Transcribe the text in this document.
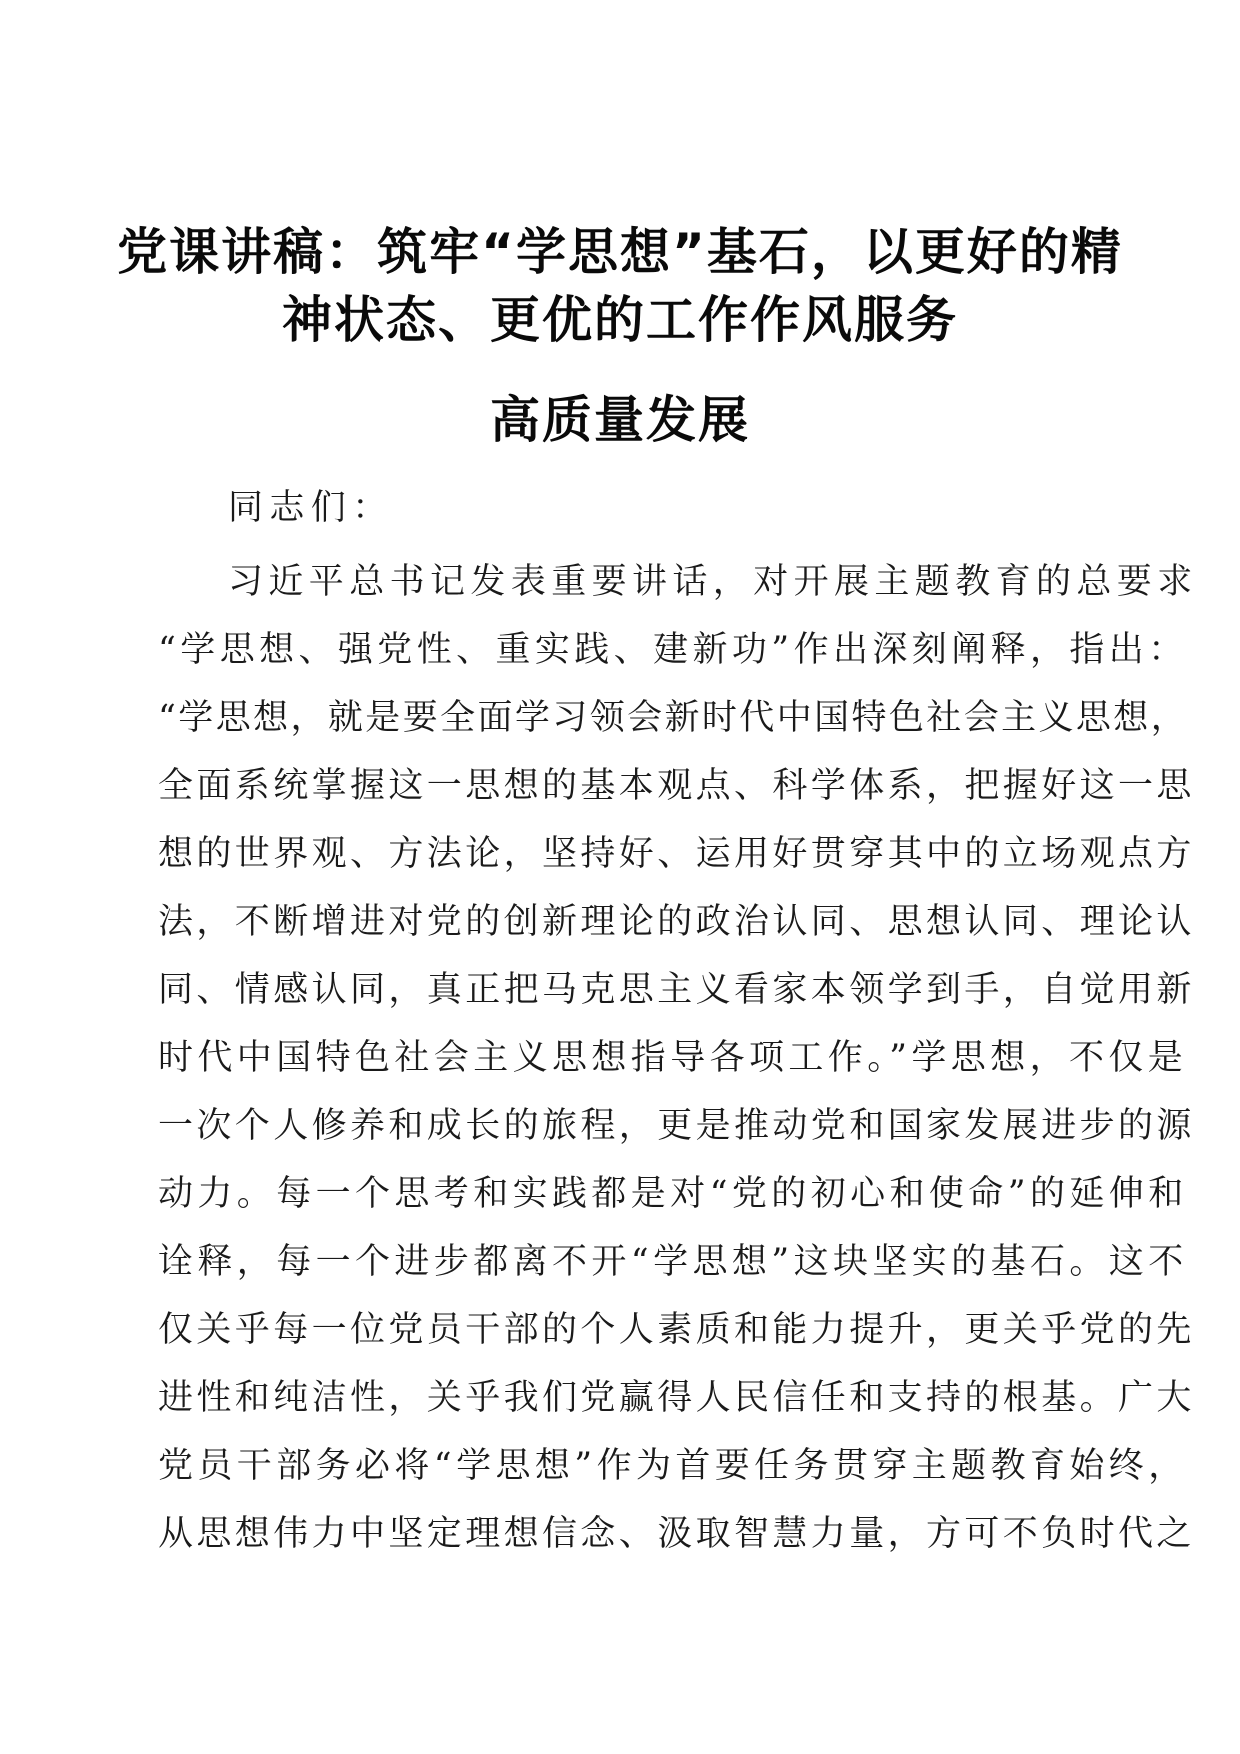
党课讲稿：筑牢“学思想”基石，以更好的精
神状态、更优的工作作风服务
高质量发展
同志们：
习近平总书记发表重要讲话，对开展主题教育的总要求
“学思想、强党性、重实践、建新功”作出深刻阐释，指出：
“学思想，就是要全面学习领会新时代中国特色社会主义思想，
全面系统掌握这一思想的基本观点、科学体系，把握好这一思
想的世界观、方法论，坚持好、运用好贯穿其中的立场观点方
法，不断增进对党的创新理论的政治认同、思想认同、理论认
同、情感认同，真正把马克思主义看家本领学到手，自觉用新
时代中国特色社会主义思想指导各项工作。”学思想，不仅是
一次个人修养和成长的旅程，更是推动党和国家发展进步的源
动力。每一个思考和实践都是对“党的初心和使命”的延伸和
诠释，每一个进步都离不开“学思想”这块坚实的基石。这不
仅关乎每一位党员干部的个人素质和能力提升，更关乎党的先
进性和纯洁性，关乎我们党赢得人民信任和支持的根基。广大
党员干部务必将“学思想”作为首要任务贯穿主题教育始终，
从思想伟力中坚定理想信念、汲取智慧力量，方可不负时代之
